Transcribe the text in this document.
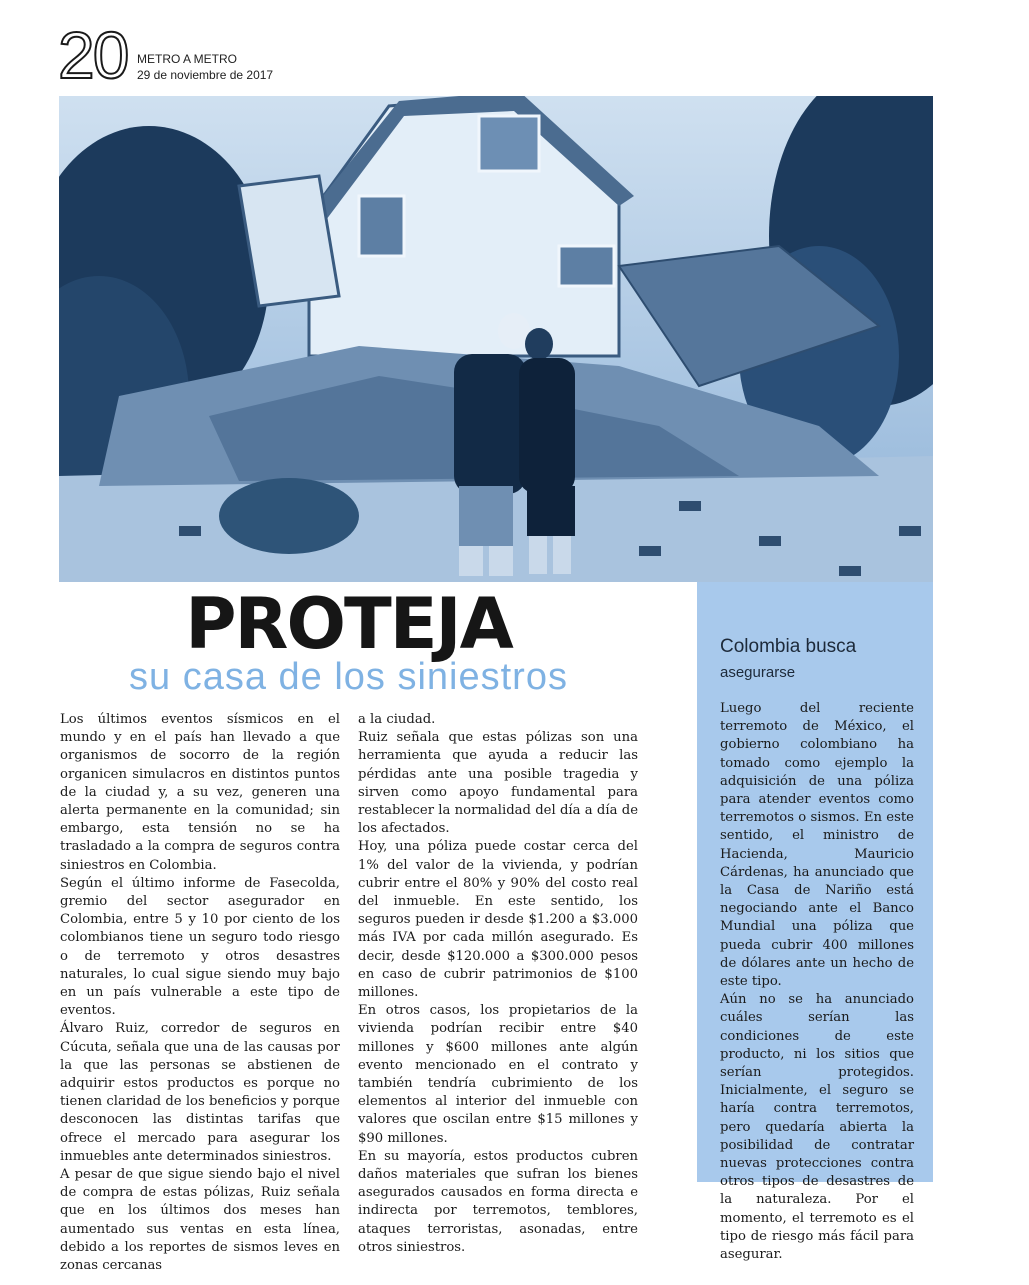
20 METRO A METRO
29 de noviembre de 2017
Colombia busca
asegurarse

Luego del reciente terremoto de México, el gobierno colombiano ha tomado como ejemplo la adquisición de una póliza para atender eventos como terremotos o sismos. En este sentido, el ministro de Hacienda, Mauricio Cárdenas, ha anunciado que la Casa de Nariño está negociando ante el Banco Mundial una póliza que pueda cubrir 400 millones de dólares ante un hecho de este tipo.

Aún no se ha anunciado cuáles serían las condiciones de este producto, ni los sitios que serían protegidos. Inicialmente, el seguro se haría contra terremotos, pero quedaría abierta la posibilidad de contratar nuevas protecciones contra otros tipos de desastres de la naturaleza. Por el momento, el terremoto es el tipo de riesgo más fácil para asegurar.

PROTEJA
su casa de los siniestros

Los últimos eventos sísmicos en el mundo y en el país han llevado a que organismos de socorro de la región organicen simulacros en distintos puntos de la ciudad y, a su vez, generen una alerta permanente en la comunidad; sin embargo, esta tensión no se ha trasladado a la compra de seguros contra siniestros en Colombia.

Según el último informe de Fasecolda, gremio del sector asegurador en Colombia, entre 5 y 10 por ciento de los colombianos tiene un seguro todo riesgo o de terremoto y otros desastres naturales, lo cual sigue siendo muy bajo en un país vulnerable a este tipo de eventos.

Álvaro Ruiz, corredor de seguros en Cúcuta, señala que una de las causas por la que las personas se abstienen de adquirir estos productos es porque no tienen claridad de los beneficios y porque desconocen las distintas tarifas que ofrece el mercado para asegurar los inmuebles ante determinados siniestros.

A pesar de que sigue siendo bajo el nivel de compra de estas pólizas, Ruiz señala que en los últimos dos meses han aumentado sus ventas en esta línea, debido a los reportes de sismos leves en zonas cercanas

a la ciudad.

Ruiz señala que estas pólizas son una herramienta que ayuda a reducir las pérdidas ante una posible tragedia y sirven como apoyo fundamental para restablecer la normalidad del día a día de los afectados.

Hoy, una póliza puede costar cerca del 1% del valor de la vivienda, y podrían cubrir entre el 80% y 90% del costo real del inmueble. En este sentido, los seguros pueden ir desde $1.200 a $3.000 más IVA por cada millón asegurado. Es decir, desde $120.000 a $300.000 pesos en caso de cubrir patrimonios de $100 millones.

En otros casos, los propietarios de la vivienda podrían recibir entre $40 millones y $600 millones ante algún evento mencionado en el contrato y también tendría cubrimiento de los elementos al interior del inmueble con valores que oscilan entre $15 millones y $90 millones.

En su mayoría, estos productos cubren daños materiales que sufran los bienes asegurados causados en forma directa e indirecta por terremotos, temblores, ataques terroristas, asonadas, entre otros siniestros.
